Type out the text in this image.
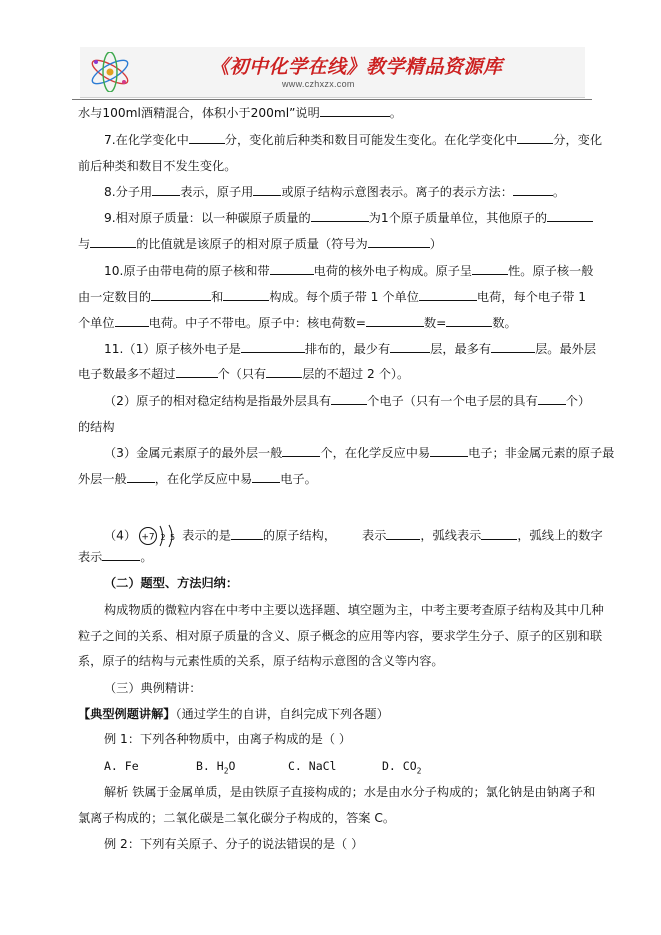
《初中化学在线》教学精品资源库
www.czhxzx.com
水与100ml酒精混合，体积小于200ml”说明	。
7.在化学变化中	分，变化前后种类和数目可能发生变化。在化学变化中	分，变化
前后种类和数目不发生变化。
8.分子用 表示，原子用 或原子结构示意图表示。离子的表示方法：	。
9.相对原子质量：以一种碳原子质量的	为1个原子质量单位，其他原子的
与	的比值就是该原子的相对原子质量（符号为	）
10.原子由带电荷的原子核和带	电荷的核外电子构成。原子呈	性。原子核一般
由一定数目的	和	构成。每个质子带 1 个单位	电荷，每个电子带 1
个单位	电荷。中子不带电。原子中：核电荷数=	数=	数。
11.（1）原子核外电子是	排布的，最少有	层，最多有	层。最外层
电子数最多不超过	个（只有	层的不超过 2 个）。
（2）原子的相对稳定结构是指最外层具有	个电子（只有一个电子层的具有 个）
的结构
（3）金属元素原子的最外层一般	个，在化学反应中易	电子；非金属元素的原子最
外层一般 ，在化学反应中易 电子。
（4） +7 2 5 表示的是	的原子结构， 表示	，弧线表示	，弧线上的数字
表示	。
（二）题型、方法归纳：
构成物质的微粒内容在中考中主要以选择题、填空题为主，中考主要考查原子结构及其中几种
粒子之间的关系、相对原子质量的含义、原子概念的应用等内容，要求学生分子、原子的区别和联
系，原子的结构与元素性质的关系，原子结构示意图的含义等内容。
（三）典例精讲：
【典型例题讲解】（通过学生的自讲，自纠完成下列各题）
例 1：下列各种物质中，由离子构成的是（ ）
A. Fe	B. $H_2O$	C. NaCl	D. $CO_2$
解析 铁属于金属单质，是由铁原子直接构成的；水是由水分子构成的；氯化钠是由钠离子和
氯离子构成的；二氧化碳是二氧化碳分子构成的，答案 C。
例 2：下列有关原子、分子的说法错误的是（ ）
